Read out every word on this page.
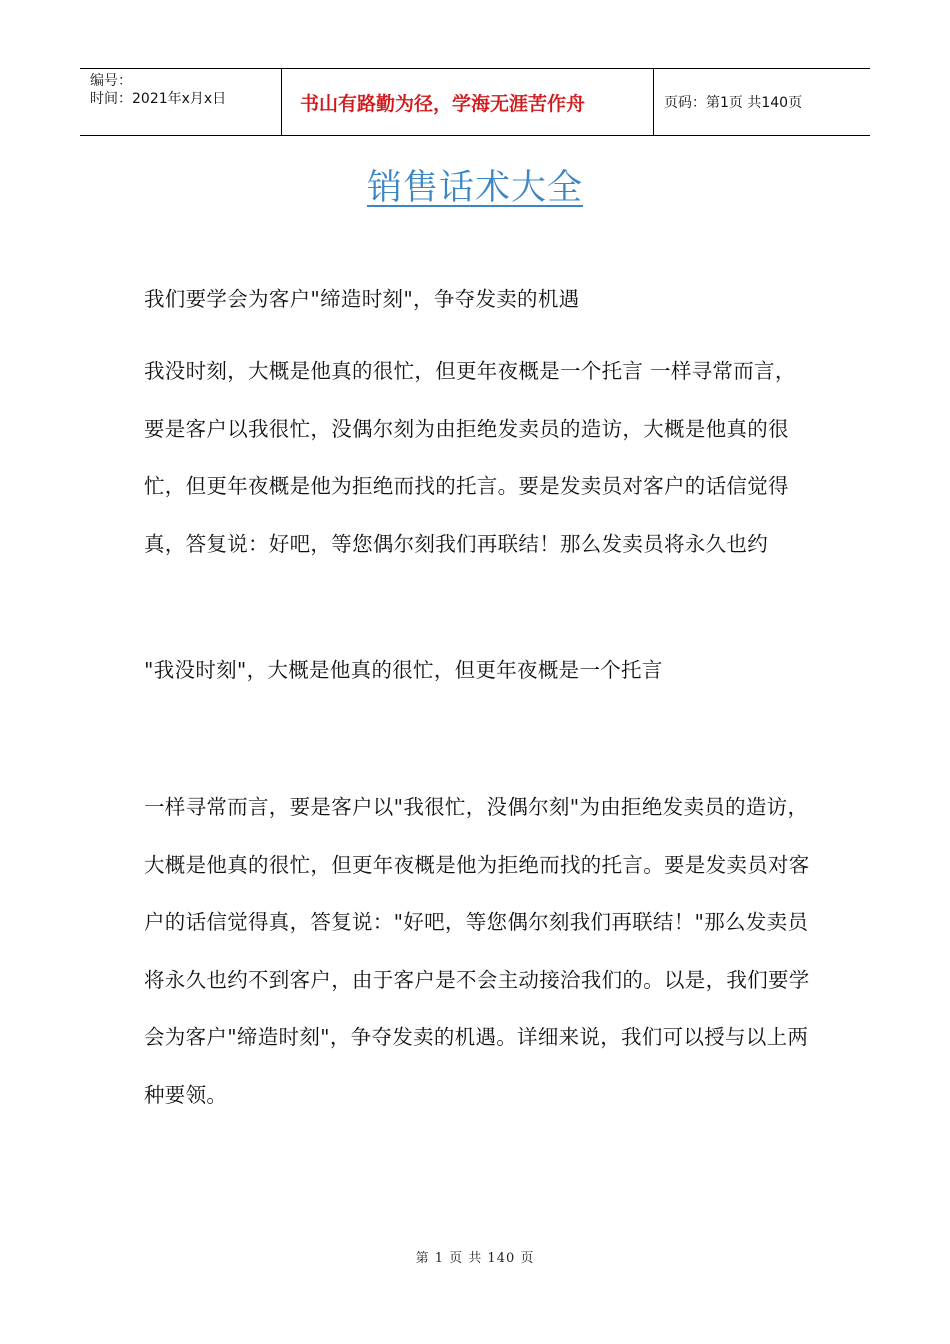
编号：
时间：2021年x月x日	书山有路勤为径，学海无涯苦作舟	页码：第1页 共140页
销售话术大全

我们要学会为客户"缔造时刻"，争夺发卖的机遇

我没时刻，大概是他真的很忙，但更年夜概是一个托言 一样寻常而言，要是客户以我很忙，没偶尔刻为由拒绝发卖员的造访，大概是他真的很忙，但更年夜概是他为拒绝而找的托言。要是发卖员对客户的话信觉得真，答复说：好吧，等您偶尔刻我们再联结！那么发卖员将永久也约

"我没时刻"，大概是他真的很忙，但更年夜概是一个托言

一样寻常而言，要是客户以"我很忙，没偶尔刻"为由拒绝发卖员的造访，大概是他真的很忙，但更年夜概是他为拒绝而找的托言。要是发卖员对客户的话信觉得真，答复说："好吧，等您偶尔刻我们再联结！"那么发卖员将永久也约不到客户，由于客户是不会主动接洽我们的。以是，我们要学会为客户"缔造时刻"，争夺发卖的机遇。详细来说，我们可以授与以上两种要领。

第 1 页 共 140 页
